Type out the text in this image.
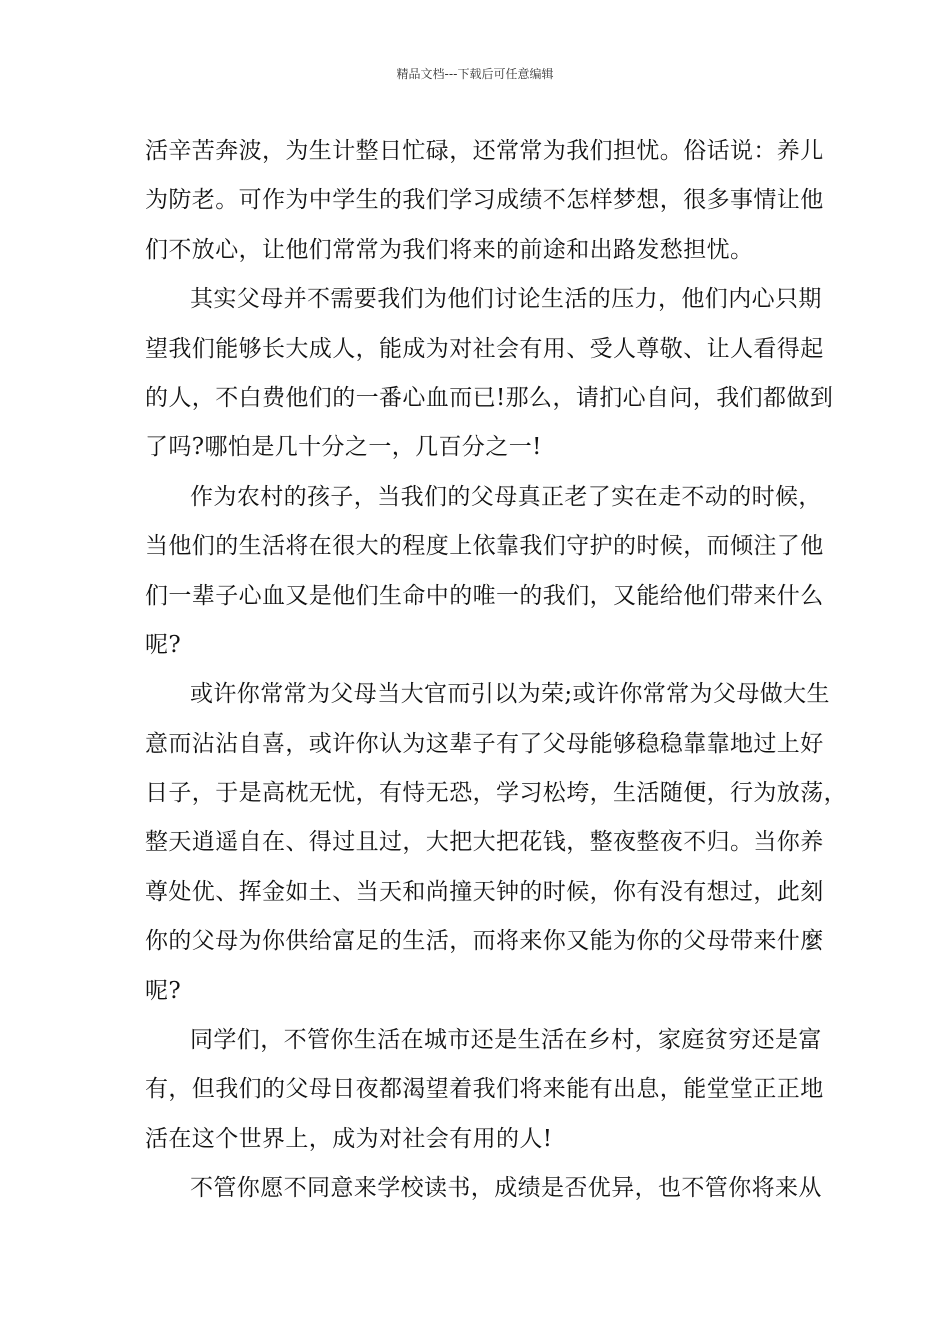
精品文档---下载后可任意编辑
活辛苦奔波，为生计整日忙碌，还常常为我们担忧。俗话说：养儿
为防老。可作为中学生的我们学习成绩不怎样梦想，很多事情让他
们不放心，让他们常常为我们将来的前途和出路发愁担忧。
其实父母并不需要我们为他们讨论生活的压力，他们内心只期
望我们能够长大成人，能成为对社会有用、受人尊敬、让人看得起
的人，不白费他们的一番心血而已!那么，请扪心自问，我们都做到
了吗?哪怕是几十分之一，几百分之一!
作为农村的孩子，当我们的父母真正老了实在走不动的时候，
当他们的生活将在很大的程度上依靠我们守护的时候，而倾注了他
们一辈子心血又是他们生命中的唯一的我们，又能给他们带来什么
呢?
或许你常常为父母当大官而引以为荣;或许你常常为父母做大生
意而沾沾自喜，或许你认为这辈子有了父母能够稳稳靠靠地过上好
日子，于是高枕无忧，有恃无恐，学习松垮，生活随便，行为放荡，
整天逍遥自在、得过且过，大把大把花钱，整夜整夜不归。当你养
尊处优、挥金如土、当天和尚撞天钟的时候，你有没有想过，此刻
你的父母为你供给富足的生活，而将来你又能为你的父母带来什麼
呢?
同学们，不管你生活在城市还是生活在乡村，家庭贫穷还是富
有，但我们的父母日夜都渴望着我们将来能有出息，能堂堂正正地
活在这个世界上，成为对社会有用的人!
不管你愿不同意来学校读书，成绩是否优异，也不管你将来从
